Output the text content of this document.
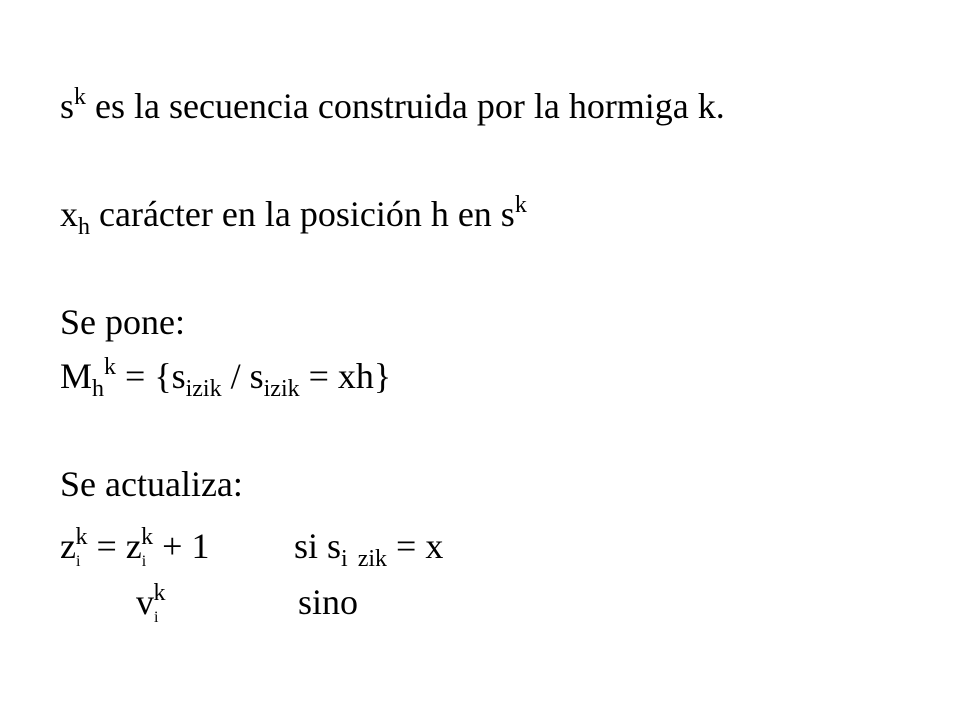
$s^k$ es la secuencia construida por la hormiga k.
$x_h$ carácter en la posición h en $s^k$
Se pone:
$M_h^k = \{s_{izik} / s_{izik} = xh\}$
Se actualiza:
$z_i^k = z_i^k + 1$ si $s_i$ $_{zik}$ = x
$v_i^k$	sino
